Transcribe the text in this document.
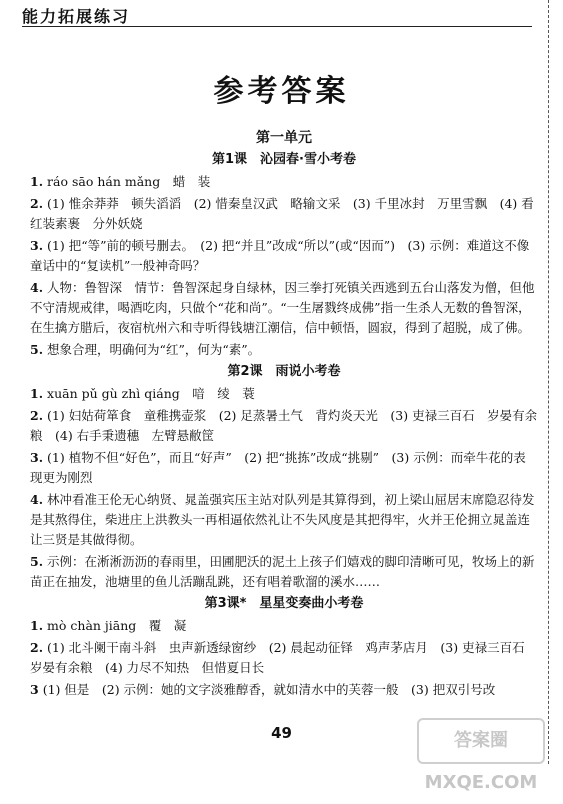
能力拓展练习
参考答案
第一单元
第1课　沁园春·雪小考卷
1. ráo sāo hán mǎng　蜡　装
2. (1) 惟余莽莽　顿失滔滔　(2) 惜秦皇汉武　略输文采　(3) 千里冰封　万里雪飘　(4) 看红装素裹　分外妖娆
3. (1) 把“等”前的顿号删去。　(2) 把“并且”改成“所以”(或“因而”)　(3) 示例：难道这不像童话中的“复读机”一般神奇吗？
4. 人物：鲁智深　情节：鲁智深起身自绿林，因三拳打死镇关西逃到五台山落发为僧，但他不守清规戒律，喝酒吃肉，只做个“花和尚”。“一生屠戮终成佛”指一生杀人无数的鲁智深，在生擒方腊后，夜宿杭州六和寺听得钱塘江潮信，信中顿悟，圆寂，得到了超脱，成了佛。
5. 想象合理，明确何为“红”，何为“素”。
第2课　雨说小考卷
1. xuān pǔ gù zhì qiáng　喑　绫　蓑
2. (1) 妇姑荷箪食　童稚携壶浆　(2) 足蒸暑土气　背灼炎天光　(3) 吏禄三百石　岁晏有余粮　(4) 右手秉遗穗　左臂悬敝筐
3. (1) 植物不但“好色”，而且“好声”　(2) 把“挑拣”改成“挑剔”　(3) 示例：而牵牛花的表现更为刚烈
4. 林冲看准王伦无心纳贤、晁盖强宾压主站对队列是其算得到，初上梁山屈居末席隐忍待发是其熬得住，柴进庄上洪教头一再相逼依然礼让不失风度是其把得牢，火并王伦拥立晁盖连让三贤是其做得彻。
5. 示例：在淅淅沥沥的春雨里，田圃肥沃的泥土上孩子们嬉戏的脚印清晰可见，牧场上的新苗正在抽发，池塘里的鱼儿活蹦乱跳，还有唱着歌溜的溪水……
第3课*　星星变奏曲小考卷
1. mò chàn jiāng　覆　凝
2. (1) 北斗阑干南斗斜　虫声新透绿窗纱　(2) 晨起动征铎　鸡声茅店月　(3) 吏禄三百石　岁晏有余粮　(4) 力尽不知热　但惜夏日长
3 (1) 但是　(2) 示例：她的文字淡雅醇香，就如清水中的芙蓉一般　(3) 把双引号改
49	答案圈 MXQE.COM
